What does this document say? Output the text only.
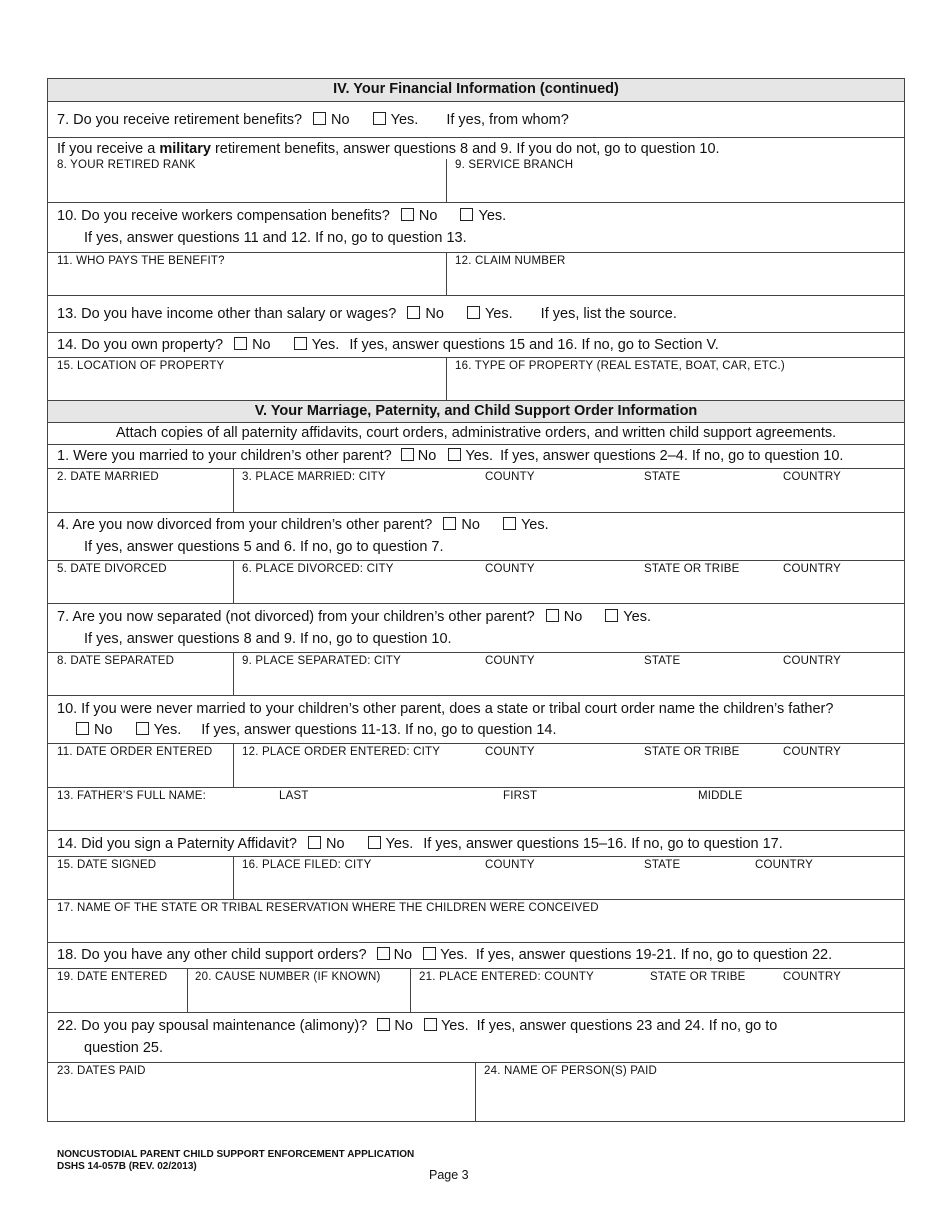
IV. Your Financial Information (continued)
7. Do you receive retirement benefits? No	Yes. If yes, from whom?
If you receive a military retirement benefits, answer questions 8 and 9. If you do not, go to question 10.
8. YOUR RETIRED RANK	9. SERVICE BRANCH
10. Do you receive workers compensation benefits? No	Yes.
If yes, answer questions 11 and 12. If no, go to question 13.
11. WHO PAYS THE BENEFIT?	12. CLAIM NUMBER
13. Do you have income other than salary or wages? No	Yes. If yes, list the source.
14. Do you own property? No	Yes. If yes, answer questions 15 and 16. If no, go to Section V.
15. LOCATION OF PROPERTY	16. TYPE OF PROPERTY (REAL ESTATE, BOAT, CAR, ETC.)
V. Your Marriage, Paternity, and Child Support Order Information
Attach copies of all paternity affidavits, court orders, administrative orders, and written child support agreements.
1. Were you married to your children’s other parent? No Yes. If yes, answer questions 2–4. If no, go to question 10.
2. DATE MARRIED	3. PLACE MARRIED: CITY	COUNTY	STATE	COUNTRY
4. Are you now divorced from your children’s other parent? No	Yes.
If yes, answer questions 5 and 6. If no, go to question 7.
5. DATE DIVORCED	6. PLACE DIVORCED: CITY	COUNTY	STATE OR TRIBE	COUNTRY
7. Are you now separated (not divorced) from your children’s other parent? No	Yes.
If yes, answer questions 8 and 9. If no, go to question 10.
8. DATE SEPARATED	9. PLACE SEPARATED: CITY	COUNTY	STATE	COUNTRY
10. If you were never married to your children’s other parent, does a state or tribal court order name the children’s father?
No	Yes. If yes, answer questions 11-13. If no, go to question 14.
11. DATE ORDER ENTERED	12. PLACE ORDER ENTERED: CITY	COUNTY	STATE OR TRIBE	COUNTRY
13. FATHER’S FULL NAME:	LAST	FIRST	MIDDLE
14. Did you sign a Paternity Affidavit? No	Yes. If yes, answer questions 15–16. If no, go to question 17.
15. DATE SIGNED	16. PLACE FILED: CITY	COUNTY	STATE	COUNTRY
17. NAME OF THE STATE OR TRIBAL RESERVATION WHERE THE CHILDREN WERE CONCEIVED
18. Do you have any other child support orders? No Yes. If yes, answer questions 19-21. If no, go to question 22.
19. DATE ENTERED 20. CAUSE NUMBER (IF KNOWN)	21. PLACE ENTERED: COUNTY	STATE OR TRIBE	COUNTRY
22. Do you pay spousal maintenance (alimony)? No Yes. If yes, answer questions 23 and 24. If no, go to
question 25.
23. DATES PAID	24. NAME OF PERSON(S) PAID
NONCUSTODIAL PARENT CHILD SUPPORT ENFORCEMENT APPLICATION
DSHS 14-057B (REV. 02/2013)
Page 3
